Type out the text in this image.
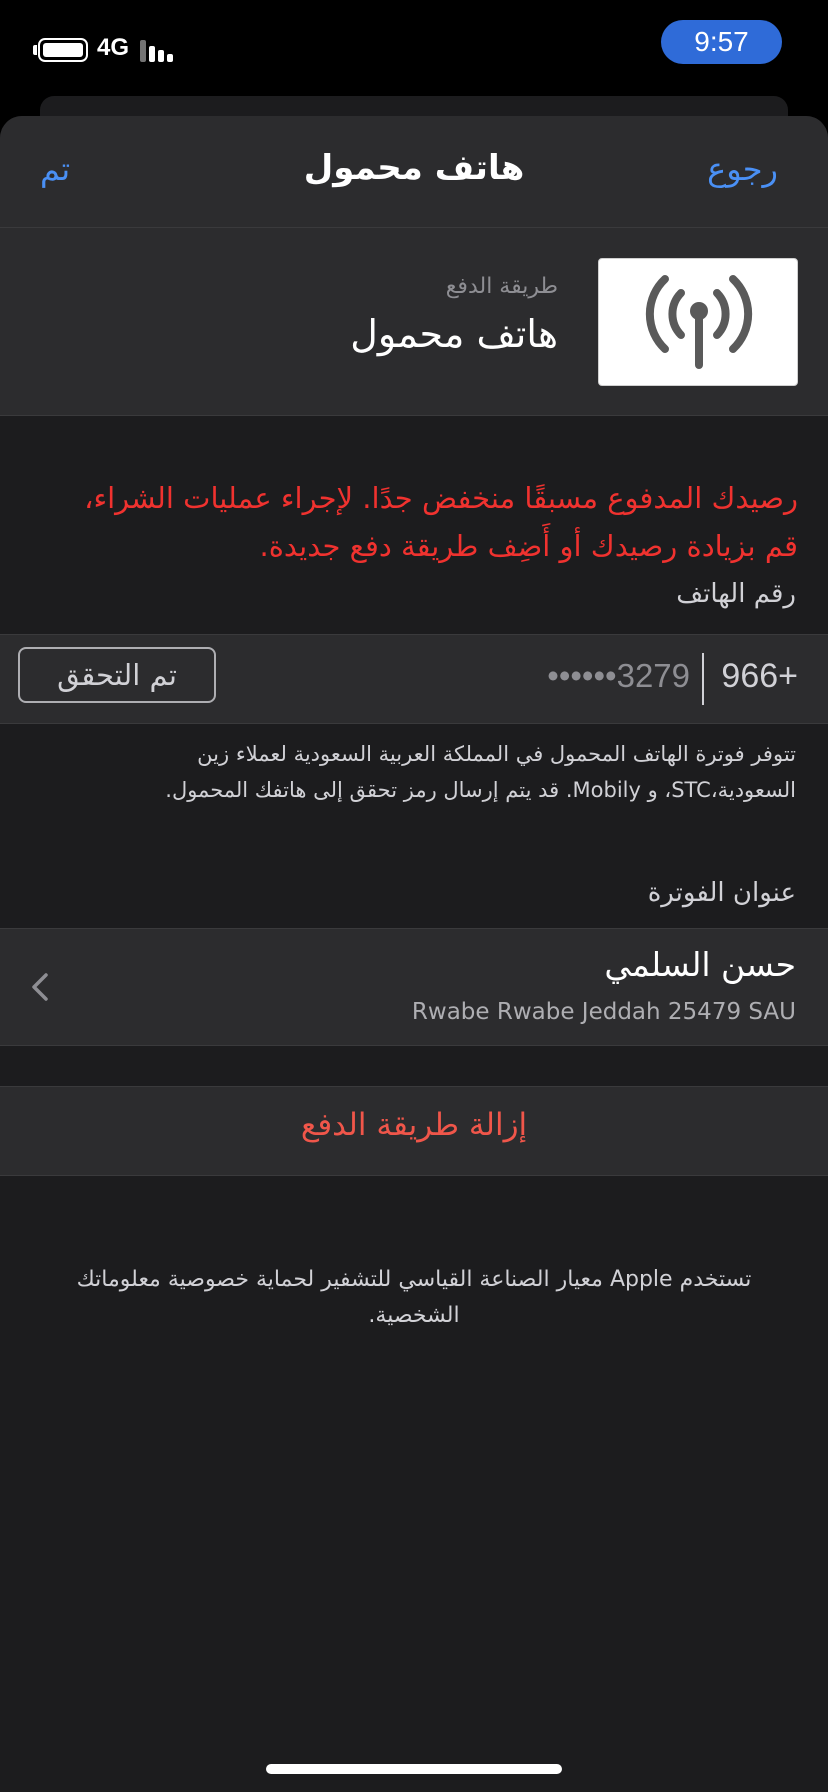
4G	9:57
تم	هاتف محمول	رجوع
طريقة الدفع
هاتف محمول
رصيدك المدفوع مسبقًا منخفض جدًا. لإجراء عمليات الشراء،
قم بزيادة رصيدك أو أَضِف طريقة دفع جديدة.
رقم الهاتف
966+
••••••3279
تم التحقق
تتوفر فوترة الهاتف المحمول في المملكة العربية السعودية لعملاء زين
السعودية،STC، و Mobily. قد يتم إرسال رمز تحقق إلى هاتفك المحمول.
عنوان الفوترة
حسن السلمي
Rwabe Rwabe Jeddah 25479 SAU
إزالة طريقة الدفع
تستخدم Apple معيار الصناعة القياسي للتشفير لحماية خصوصية معلوماتك
الشخصية.
